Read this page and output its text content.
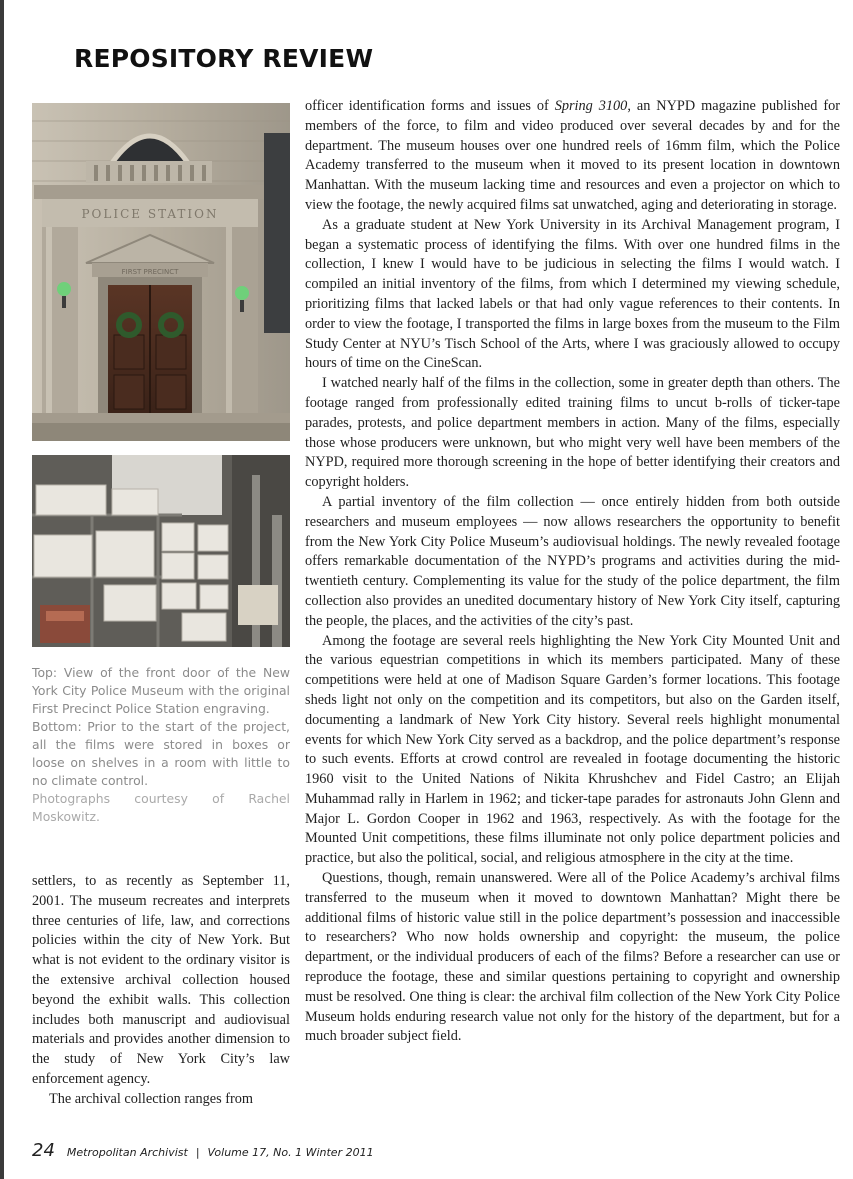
REPOSITORY REVIEW
POLICE STATION
FIRST PRECINCT

Top: View of the front door of the New York City Police Museum with the original First Precinct Police Station engraving.

Bottom: Prior to the start of the project, all the films were stored in boxes or loose on shelves in a room with little to no climate control.

Photographs courtesy of Rachel

Moskowitz.

settlers, to as recently as September 11, 2001. The museum recreates and interprets three centuries of life, law, and corrections policies within the city of New York. But what is not evident to the ordinary visitor is the extensive archival collection housed beyond the exhibit walls. This collection includes both manuscript and audiovisual materials and provides another dimension to the study of New York City’s law enforcement agency.

The archival collection ranges from

officer identification forms and issues of Spring 3100, an NYPD magazine published for members of the force, to film and video produced over several decades by and for the department. The museum houses over one hundred reels of 16mm film, which the Police Academy transferred to the museum when it moved to its present location in downtown Manhattan. With the museum lacking time and resources and even a projector on which to view the footage, the newly acquired films sat unwatched, aging and deteriorating in storage.

As a graduate student at New York University in its Archival Management program, I began a systematic process of identifying the films. With over one hundred films in the collection, I knew I would have to be judicious in selecting the films I would watch. I compiled an initial inventory of the films, from which I determined my viewing schedule, prioritizing films that lacked labels or that had only vague references to their contents. In order to view the footage, I transported the films in large boxes from the museum to the Film Study Center at NYU’s Tisch School of the Arts, where I was graciously allowed to occupy hours of time on the CineScan.

I watched nearly half of the films in the collection, some in greater depth than others. The footage ranged from professionally edited training films to uncut b-rolls of ticker-tape parades, protests, and police department members in action. Many of the films, especially those whose producers were unknown, but who might very well have been members of the NYPD, required more thorough screening in the hope of better identifying their creators and copyright holders.

A partial inventory of the film collection — once entirely hidden from both outside researchers and museum employees — now allows researchers the opportunity to benefit from the New York City Police Museum’s audiovisual holdings. The newly revealed footage offers remarkable documentation of the NYPD’s programs and activities during the mid-twentieth century. Complementing its value for the study of the police department, the film collection also provides an unedited documentary history of New York City itself, capturing the people, the places, and the activities of the city’s past.

Among the footage are several reels highlighting the New York City Mounted Unit and the various equestrian competitions in which its members participated. Many of these competitions were held at one of Madison Square Garden’s former locations. This footage sheds light not only on the competition and its competitors, but also on the Garden itself, documenting a landmark of New York City history. Several reels highlight monumental events for which New York City served as a backdrop, and the police department’s response to such events. Efforts at crowd control are revealed in footage documenting the historic 1960 visit to the United Nations of Nikita Khrushchev and Fidel Castro; an Elijah Muhammad rally in Harlem in 1962; and ticker-tape parades for astronauts John Glenn and Major L. Gordon Cooper in 1962 and 1963, respectively. As with the footage for the Mounted Unit competitions, these films illuminate not only police department policies and practice, but also the political, social, and religious atmosphere in the city at the time.

Questions, though, remain unanswered. Were all of the Police Academy’s archival films transferred to the museum when it moved to downtown Manhattan? Might there be additional films of historic value still in the police department’s possession and inaccessible to researchers? Who now holds ownership and copyright: the museum, the police department, or the individual producers of each of the films? Before a researcher can use or reproduce the footage, these and similar questions pertaining to copyright and ownership must be resolved. One thing is clear: the archival film collection of the New York City Police Museum holds enduring research value not only for the history of the department, but for a much broader subject field.

24 Metropolitan Archivist | Volume 17, No. 1 Winter 2011
